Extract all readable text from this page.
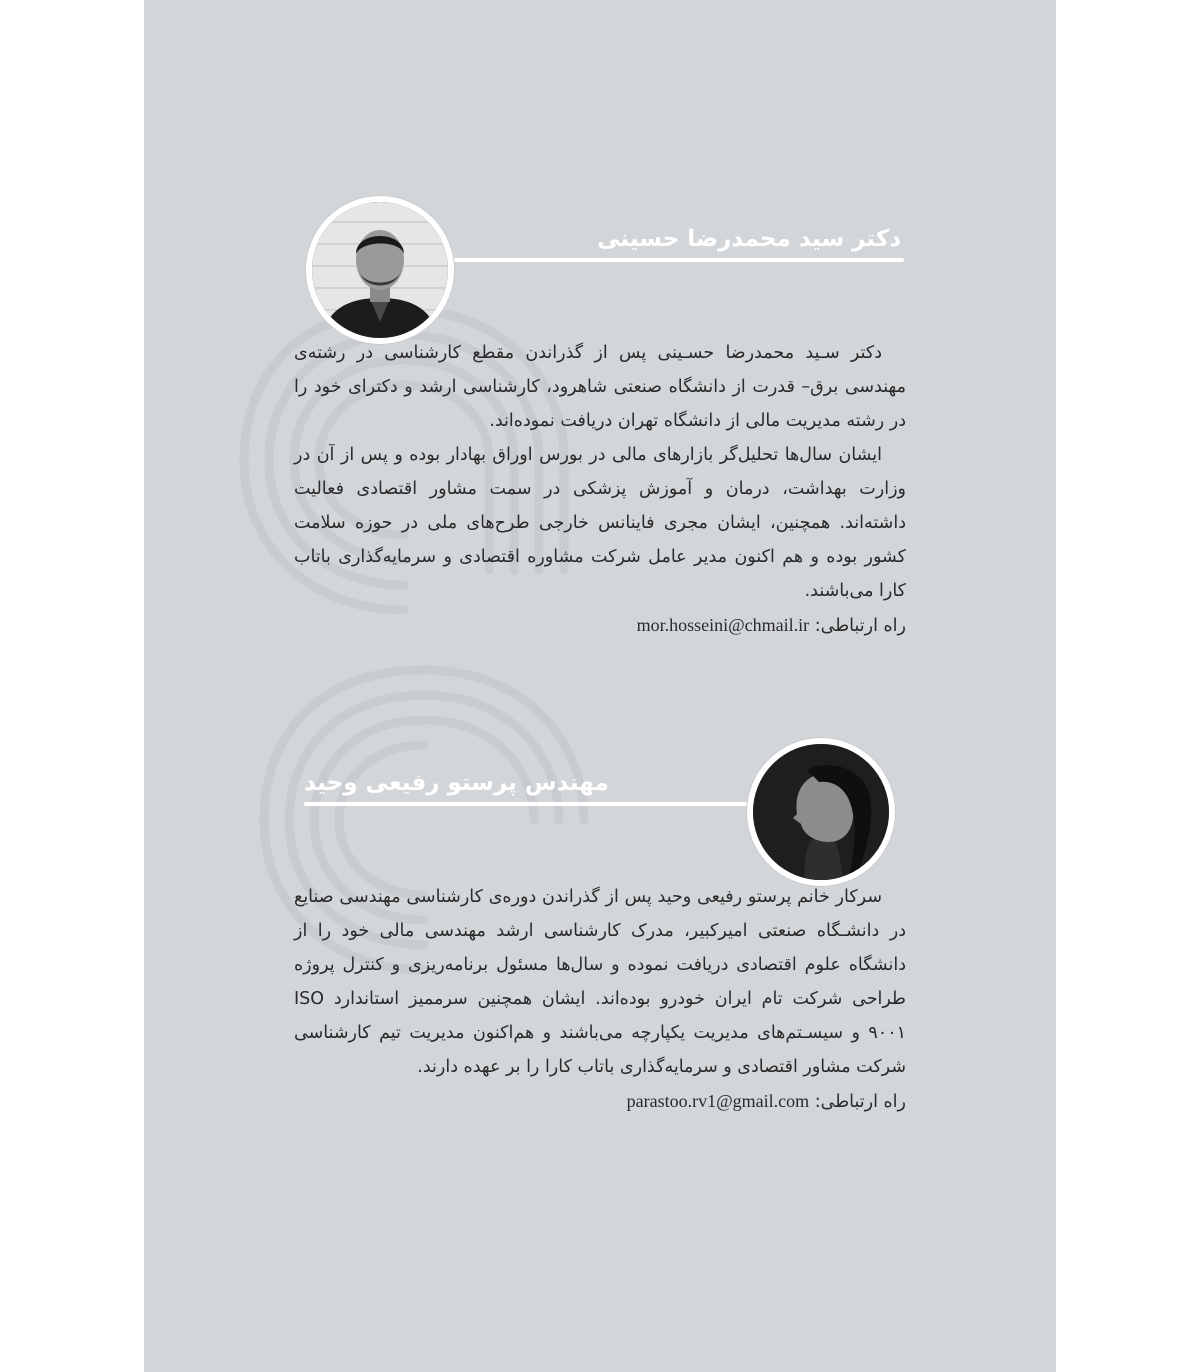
دکتر سید محمدرضا حسینی

دکتر سـید محمدرضا حسـینی پس از گذراندن مقطع کارشناسی در رشته‌ی مهندسی برق– قدرت از دانشگاه صنعتی شاهرود، کارشناسی ارشد و دکترای خود را در رشته مدیریت مالی از دانشگاه تهران دریافت نموده‌اند.

ایشان سال‌ها تحلیل‌گر بازارهای مالی در بورس اوراق بهادار بوده و پس از آن در وزارت بهداشت، درمان و آموزش پزشکی در سمت مشاور اقتصادی فعالیت داشته‌اند. همچنین، ایشان مجری فاینانس خارجی طرح‌های ملی در حوزه سلامت کشور بوده و هم اکنون مدیر عامل شرکت مشاوره اقتصادی و سرمایه‌گذاری باتاب کارا می‌باشند.

راه ارتباطی: mor.hosseini@chmail.ir
مهندس پرستو رفیعی وحید

سرکار خانم پرستو رفیعی وحید پس از گذراندن دوره‌ی کارشناسی مهندسی صنایع در دانشـگاه صنعتی امیرکبیر، مدرک کارشناسی ارشد مهندسی مالی خود را از دانشگاه علوم اقتصادی دریافت نموده و سال‌ها مسئول برنامه‌ریزی و کنترل پروژه طراحی شرکت تام ایران خودرو بوده‌اند. ایشان همچنین سرممیز استاندارد ISO ۹۰۰۱ و سیسـتم‌های مدیریت یکپارچه می‌باشند و هم‌اکنون مدیریت تیم کارشناسی شرکت مشاور اقتصادی و سرمایه‌گذاری باتاب کارا را بر عهده دارند.

راه ارتباطی: parastoo.rv1@gmail.com
